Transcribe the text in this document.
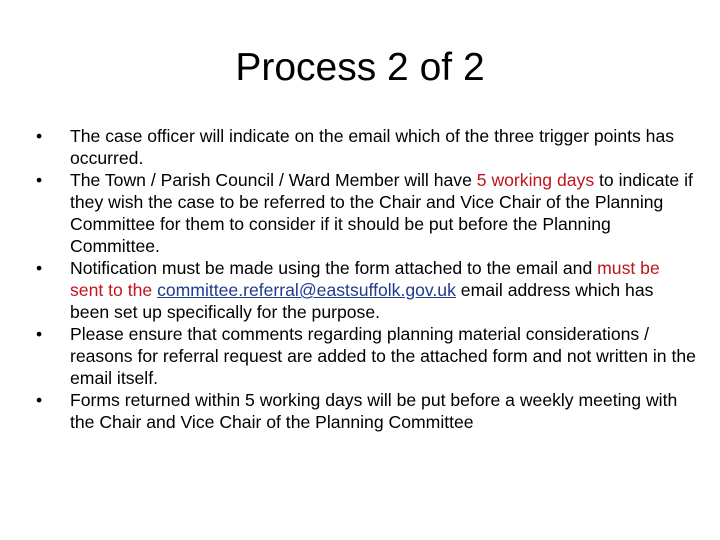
Process 2 of 2
•	The case officer will indicate on the email which of the three trigger points has occurred.
•	The Town / Parish Council / Ward Member will have 5 working days to indicate if they wish the case to be referred to the Chair and Vice Chair of the Planning Committee for them to consider if it should be put before the Planning Committee.
•	Notification must be made using the form attached to the email and must be sent to the committee.referral@eastsuffolk.gov.uk email address which has been set up specifically for the purpose.
•	Please ensure that comments regarding planning material considerations / reasons for referral request are added to the attached form and not written in the email itself.
•	Forms returned within 5 working days will be put before a weekly meeting with the Chair and Vice Chair of the Planning Committee
